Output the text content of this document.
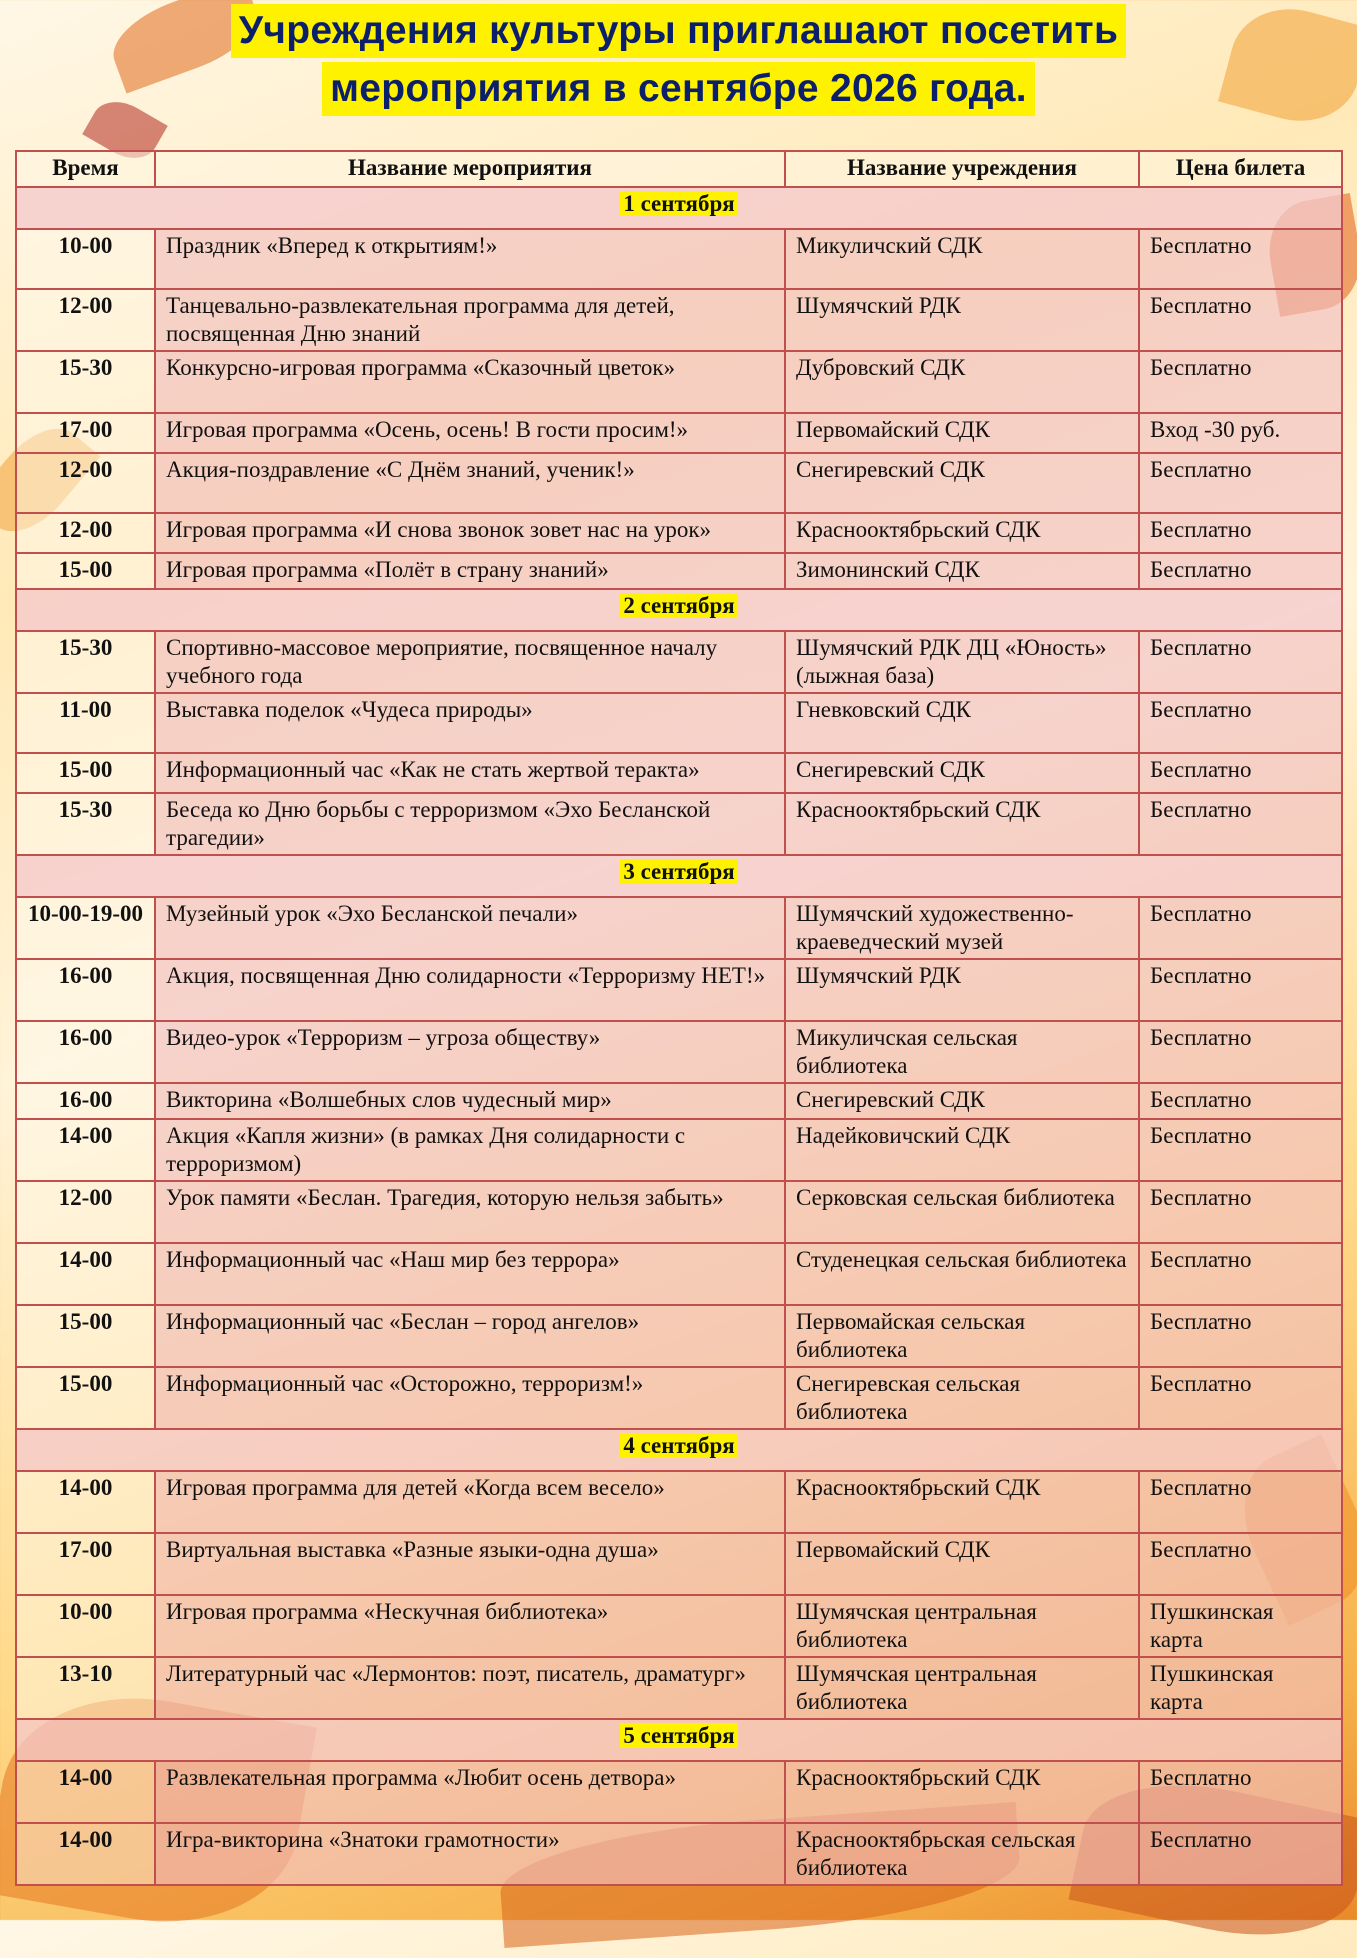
Учреждения культуры приглашают посетить
мероприятия в сентябре 2026 года.
Время	Название мероприятия	Название учреждения	Цена билета
1 сентября			
10-00	Праздник «Вперед к открытиям!»	Микуличский СДК	Бесплатно
12-00	Танцевально-развлекательная программа для детей, посвященная Дню знаний	Шумячский РДК	Бесплатно
15-30	Конкурсно-игровая программа «Сказочный цветок»	Дубровский СДК	Бесплатно
17-00	Игровая программа «Осень, осень! В гости просим!»	Первомайский СДК	Вход -30 руб.
12-00	Акция-поздравление «С Днём знаний, ученик!»	Снегиревский СДК	Бесплатно
12-00	Игровая программа «И снова звонок зовет нас на урок»	Краснооктябрьский СДК	Бесплатно
15-00	Игровая программа «Полёт в страну знаний»	Зимонинский СДК	Бесплатно
2 сентября			
15-30	Спортивно-массовое мероприятие, посвященное началу учебного года	Шумячский РДК ДЦ «Юность» (лыжная база)	Бесплатно
11-00	Выставка поделок «Чудеса природы»	Гневковский СДК	Бесплатно
15-00	Информационный час «Как не стать жертвой теракта»	Снегиревский СДК	Бесплатно
15-30	Беседа ко Дню борьбы с терроризмом «Эхо Бесланской трагедии»	Краснооктябрьский СДК	Бесплатно
3 сентября			
10-00-19-00	Музейный урок «Эхо Бесланской печали»	Шумячский художественно-краеведческий музей	Бесплатно
16-00	Акция, посвященная Дню солидарности «Терроризму НЕТ!»	Шумячский РДК	Бесплатно
16-00	Видео-урок «Терроризм – угроза обществу»	Микуличская сельская библиотека	Бесплатно
16-00	Викторина «Волшебных слов чудесный мир»	Снегиревский СДК	Бесплатно
14-00	Акция «Капля жизни» (в рамках Дня солидарности с терроризмом)	Надейковичский СДК	Бесплатно
12-00	Урок памяти «Беслан. Трагедия, которую нельзя забыть»	Серковская сельская библиотека	Бесплатно
14-00	Информационный час «Наш мир без террора»	Студенецкая сельская библиотека	Бесплатно
15-00	Информационный час «Беслан – город ангелов»	Первомайская сельская библиотека	Бесплатно
15-00	Информационный час «Осторожно, терроризм!»	Снегиревская сельская библиотека	Бесплатно
4 сентября			
14-00	Игровая программа для детей «Когда всем весело»	Краснооктябрьский СДК	Бесплатно
17-00	Виртуальная выставка «Разные языки-одна душа»	Первомайский СДК	Бесплатно
10-00	Игровая программа «Нескучная библиотека»	Шумячская центральная библиотека	Пушкинская карта
13-10	Литературный час «Лермонтов: поэт, писатель, драматург»	Шумячская центральная библиотека	Пушкинская карта
5 сентября			
14-00	Развлекательная программа «Любит осень детвора»	Краснооктябрьский СДК	Бесплатно
14-00	Игра-викторина «Знатоки грамотности»	Краснооктябрьская сельская библиотека	Бесплатно
